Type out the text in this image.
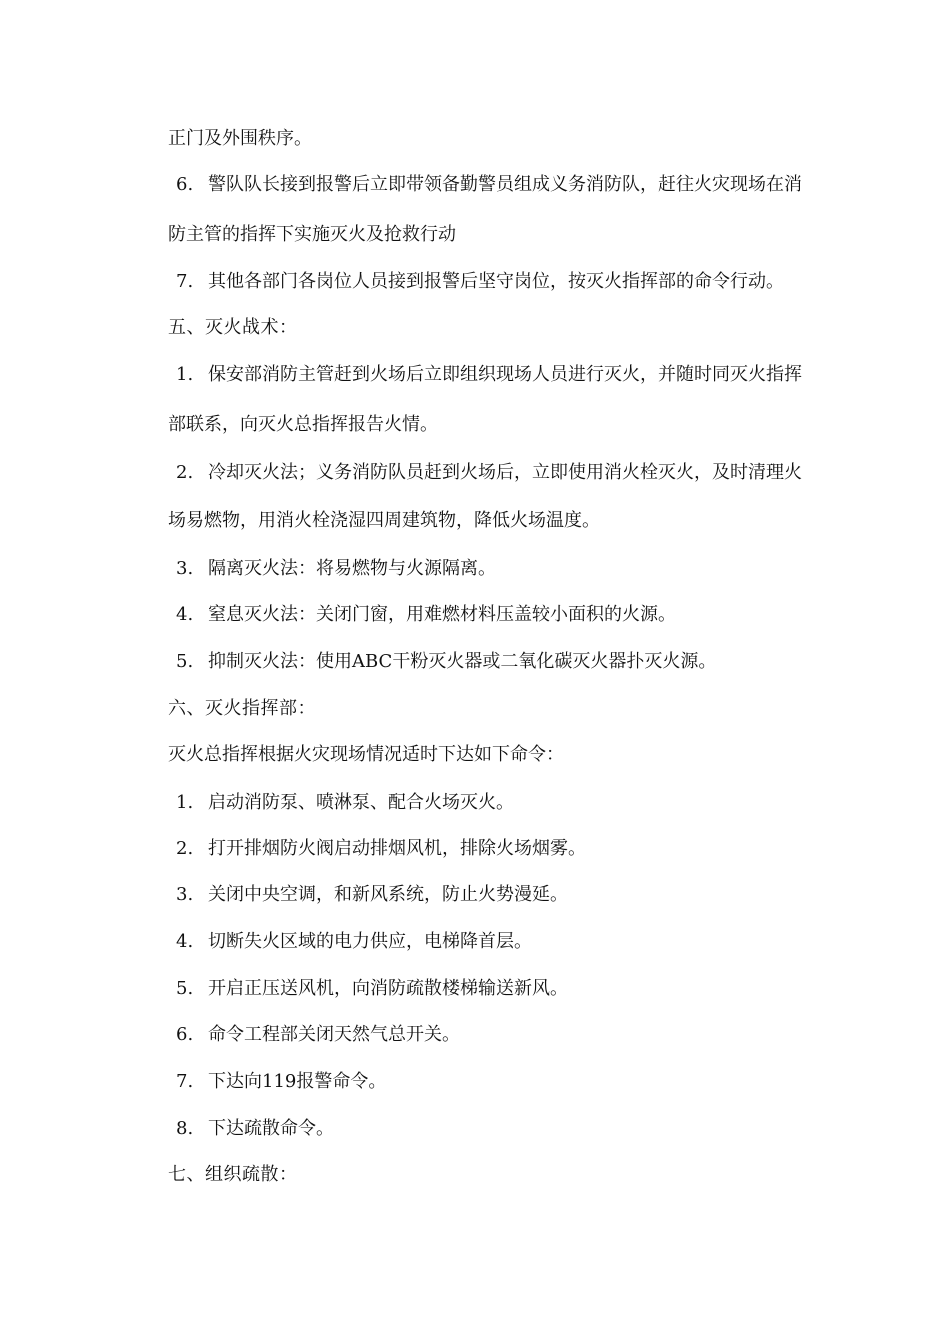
正门及外围秩序。
6. 警队队长接到报警后立即带领备勤警员组成义务消防队，赶往火灾现场在消
防主管的指挥下实施灭火及抢救行动
7. 其他各部门各岗位人员接到报警后坚守岗位，按灭火指挥部的命令行动。
五、灭火战术：
1. 保安部消防主管赶到火场后立即组织现场人员进行灭火，并随时同灭火指挥
部联系，向灭火总指挥报告火情。
2. 冷却灭火法；义务消防队员赶到火场后，立即使用消火栓灭火，及时清理火
场易燃物，用消火栓浇湿四周建筑物，降低火场温度。
3. 隔离灭火法：将易燃物与火源隔离。
4. 窒息灭火法：关闭门窗，用难燃材料压盖较小面积的火源。
5. 抑制灭火法：使用ABC干粉灭火器或二氧化碳灭火器扑灭火源。
六、灭火指挥部：
灭火总指挥根据火灾现场情况适时下达如下命令：
1. 启动消防泵、喷淋泵、配合火场灭火。
2. 打开排烟防火阀启动排烟风机，排除火场烟雾。
3. 关闭中央空调，和新风系统，防止火势漫延。
4. 切断失火区域的电力供应，电梯降首层。
5. 开启正压送风机，向消防疏散楼梯输送新风。
6. 命令工程部关闭天然气总开关。
7. 下达向119报警命令。
8. 下达疏散命令。
七、组织疏散：
